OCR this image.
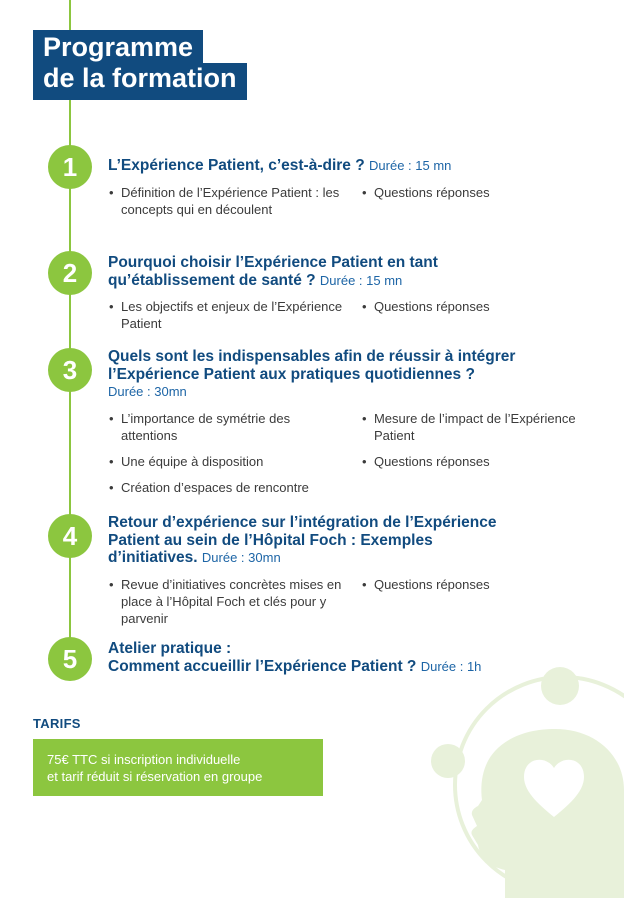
Programme
de la formation
1	L’Expérience Patient, c’est-à-dire ? Durée : 15 mn
• Définition de l’Expérience Patient : les concepts qui en découlent
• Questions réponses
2	Pourquoi choisir l’Expérience Patient en tant
qu’établissement de santé ? Durée : 15 mn
• Les objectifs et enjeux de l’Expérience Patient
• Questions réponses
3	Quels sont les indispensables afin de réussir à intégrer
l’Expérience Patient aux pratiques quotidiennes ?
Durée : 30mn
• L’importance de symétrie des attentions
• Mesure de l’impact de l’Expérience Patient
• Une équipe à disposition
•	Questions réponses
• Création d’espaces de rencontre
4	Retour d’expérience sur l’intégration de l’Expérience
Patient au sein de l’Hôpital Foch : Exemples
d’initiatives. Durée : 30mn
• Revue d’initiatives concrètes mises en place à l’Hôpital Foch et clés pour y parvenir
• Questions réponses
5	Atelier pratique :
Comment accueillir l’Expérience Patient ? Durée : 1h
TARIFS
75€ TTC si inscription individuelle
et tarif réduit si réservation en groupe
